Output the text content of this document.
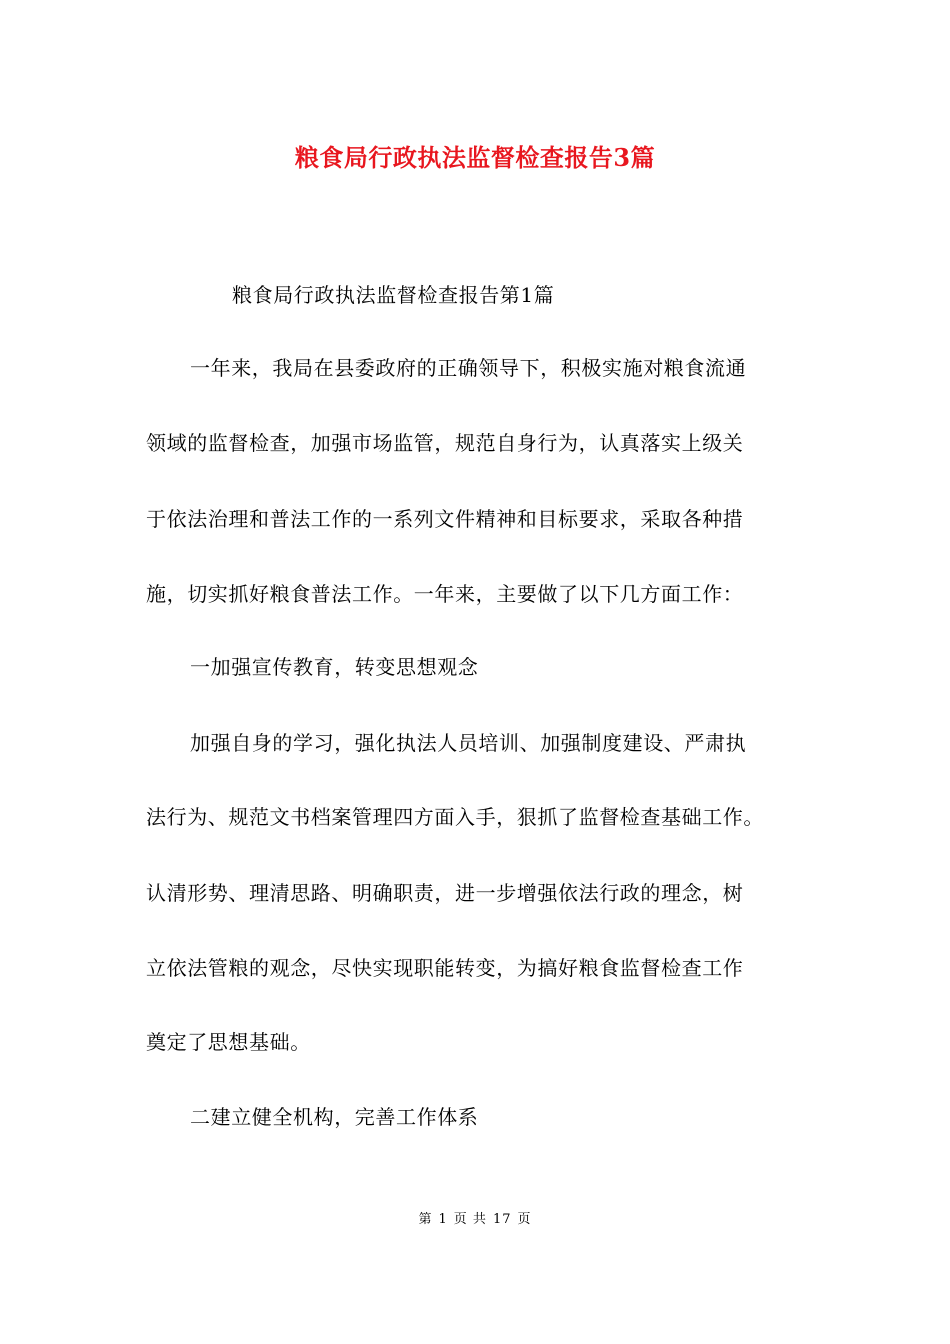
粮食局行政执法监督检查报告3篇
粮食局行政执法监督检查报告第1篇
一年来，我局在县委政府的正确领导下，积极实施对粮食流通
领域的监督检查，加强市场监管，规范自身行为，认真落实上级关
于依法治理和普法工作的一系列文件精神和目标要求，采取各种措
施，切实抓好粮食普法工作。一年来，主要做了以下几方面工作：
一加强宣传教育，转变思想观念
加强自身的学习，强化执法人员培训、加强制度建设、严肃执
法行为、规范文书档案管理四方面入手，狠抓了监督检查基础工作。
认清形势、理清思路、明确职责，进一步增强依法行政的理念，树
立依法管粮的观念，尽快实现职能转变，为搞好粮食监督检查工作
奠定了思想基础。
二建立健全机构，完善工作体系
第 1 页 共 17 页
